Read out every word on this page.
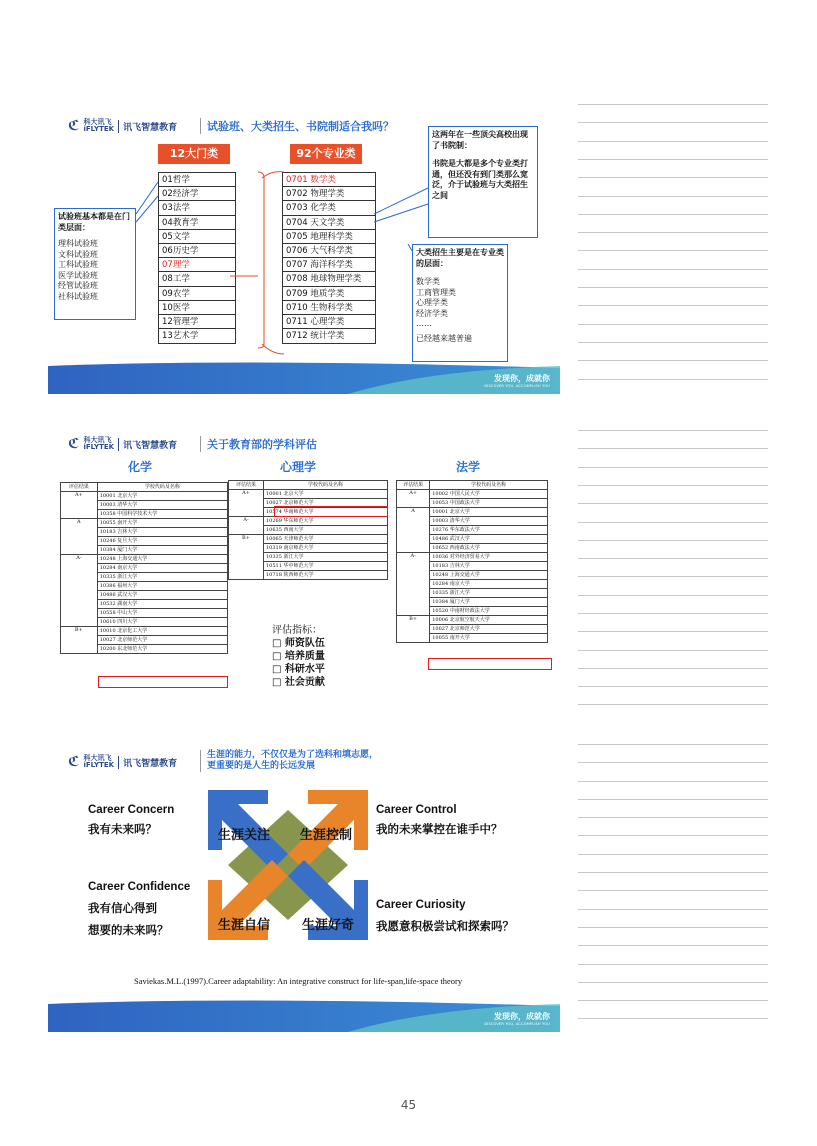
ℭ 科大讯飞
iFLYTEK	讯飞智慧教育	试验班、大类招生、书院制适合我吗？
12大门类	92个专业类
01哲学
02经济学
03法学
04教育学
05文学
06历史学
07理学
08工学
09农学
10医学
12管理学
13艺术学
0701 数学类
0702 物理学类
0703 化学类
0704 天文学类
0705 地理科学类
0706 大气科学类
0707 海洋科学类
0708 地球物理学类
0709 地质学类
0710 生物科学类
0711 心理学类
0712 统计学类
试验班基本都是在门类层面：
理科试验班
文科试验班
工科试验班
医学试验班
经管试验班
社科试验班
这两年在一些顶尖高校出现了书院制：
书院是大都是多个专业类打通，但还没有到门类那么宽泛，介于试验班与大类招生之间
大类招生主要是在专业类的层面：
数学类
工商管理类
心理学类
经济学类
……
已经越来越普遍
发现你，成就你
DISCOVER YOU, ACCOMPLISH YOU
ℭ 科大讯飞
iFLYTEK	讯飞智慧教育	关于教育部的学科评估
化学	心理学	法学
评估结果	学校代码及名称
A+	10001 北京大学
	10003 清华大学
	10358 中国科学技术大学
A	10055 南开大学
	10183 吉林大学
	10246 复旦大学
	10384 厦门大学
A-	10248 上海交通大学
	10284 南京大学
	10335 浙江大学
	10386 福州大学
	10486 武汉大学
	10532 湖南大学
	10558 中山大学
	10610 四川大学
B+	10010 北京化工大学
	10027 北京师范大学
	10200 东北师范大学
评估结果	学校代码及名称
A+	10001 北京大学
	10027 北京师范大学
	10574 华南师范大学
A-	10269 华东师范大学
	10635 西南大学
B+	10065 天津师范大学
	10319 南京师范大学
	10335 浙江大学
	10511 华中师范大学
	10718 陕西师范大学
评估结果	学校代码及名称
A+	10002 中国人民大学
	10053 中国政法大学
A	10001 北京大学
	10003 清华大学
	10276 华东政法大学
	10486 武汉大学
	10652 西南政法大学
A-	10036 对外经济贸易大学
	10183 吉林大学
	10248 上海交通大学
	10284 南京大学
	10335 浙江大学
	10384 厦门大学
	10520 中南财经政法大学
B+	10006 北京航空航天大学
	10027 北京师范大学
	10055 南开大学
评估指标：
□ 师资队伍
□ 培养质量
□ 科研水平
□ 社会贡献
ℭ 科大讯飞
iFLYTEK	讯飞智慧教育
生涯的能力，不仅仅是为了选科和填志愿，
更重要的是人生的长远发展
生涯关注 生涯控制
生涯自信 生涯好奇
Career Concern
我有未来吗？
Career Control
我的未来掌控在谁手中？
Career Confidence
我有信心得到
想要的未来吗？
Career Curiosity
我愿意积极尝试和探索吗？
Saviekas.M.L.(1997).Career adaptability: An integrative construct for life-span,life-space theory
发现你，成就你
DISCOVER YOU, ACCOMPLISH YOU
45
